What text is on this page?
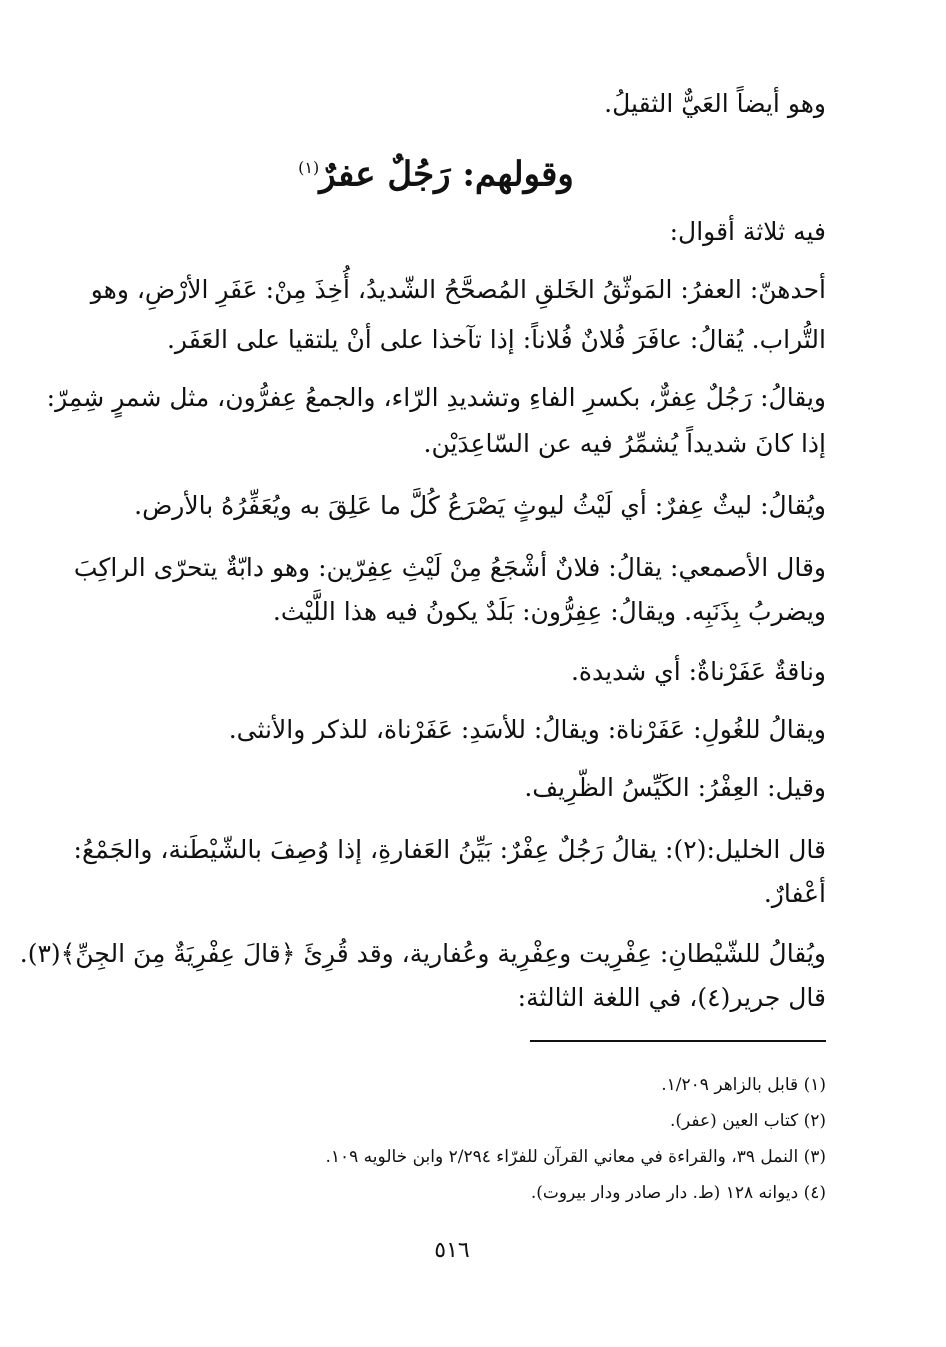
وهو أيضاً العَيٌّ الثقيلُ.
وقولهم: رَجُلٌ عفرٌ$^{(١)}$
فيه ثلاثة أقوال:
أحدهنّ: العفرُ: المَوثّقُ الخَلقِ المُصحَّحُ الشّديدُ، أُخِذَ مِنْ: عَفَرِ الأرْضِ، وهو
التُّراب. يُقالُ: عافَرَ فُلانٌ فُلاناً: إذا تآخذا على أنْ يلتقيا على العَفَر.
ويقالُ: رَجُلٌ عِفرٌّ، بكسرِ الفاءِ وتشديدِ الرّاء، والجمعُ عِفرُّون، مثل شمرٍ شِمِرّ:
إذا كانَ شديداً يُشمِّرُ فيه عن السّاعِدَيْن.
ويُقالُ: ليثٌ عِفرٌ: أي لَيْثُ ليوثٍ يَصْرَعُ كُلَّ ما عَلِقَ به ويُعَفِّرُهُ بالأرض.
وقال الأصمعي: يقالُ: فلانٌ أشْجَعُ مِنْ لَيْثِ عِفِرّين: وهو دابّةٌ يتحرّى الراكِبَ
ويضربُ بِذَنَبِه. ويقالُ: عِفِرُّون: بَلَدٌ يكونُ فيه هذا اللَّيْث.
وناقةٌ عَفَرْناةٌ: أي شديدة.
ويقالُ للغُولِ: عَفَرْناة: ويقالُ: للأسَدِ: عَفَرْناة، للذكر والأنثى.
وقيل: العِفْرُ: الكَيِّسُ الظّرِيف.
قال الخليل:(٢): يقالُ رَجُلٌ عِفْرٌ: بَيِّنُ العَفارةِ، إذا وُصِفَ بالشّيْطَنة، والجَمْعُ:
أعْفارٌ.
ويُقالُ للشّيْطانِ: عِفْرِيت وعِفْرِية وعُفارية، وقد قُرِئَ ﴿قالَ عِفْرِيَةٌ مِنَ الجِنِّ﴾(٣).
قال جرير(٤)، في اللغة الثالثة:
(١) قابل بالزاهر ١/٢٠٩.
(٢) كتاب العين (عفر).
(٣) النمل ٣٩، والقراءة في معاني القرآن للفرّاء ٢/٢٩٤ وابن خالويه ١٠٩.
(٤) ديوانه ١٢٨ (ط. دار صادر ودار بيروت).
٥١٦
